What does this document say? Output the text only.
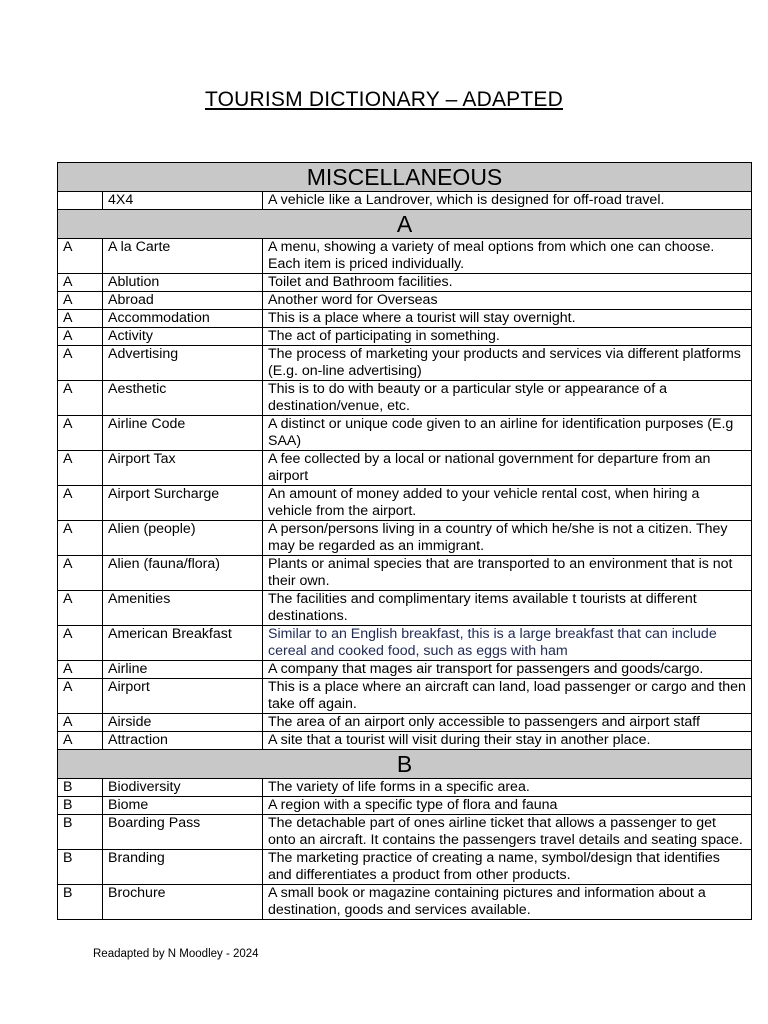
TOURISM DICTIONARY – ADAPTED
MISCELLANEOUS		
	4X4	A vehicle like a Landrover, which is designed for off-road travel.
A		
A	A la Carte	A menu, showing a variety of meal options from which one can choose. Each item is priced individually.
A	Ablution	Toilet and Bathroom facilities.
A	Abroad	Another word for Overseas
A	Accommodation	This is a place where a tourist will stay overnight.
A	Activity	The act of participating in something.
A	Advertising	The process of marketing your products and services via different platforms (E.g. on-line advertising)
A	Aesthetic	This is to do with beauty or a particular style or appearance of a destination/venue, etc.
A	Airline Code	A distinct or unique code given to an airline for identification purposes (E.g SAA)
A	Airport Tax	A fee collected by a local or national government for departure from an airport
A	Airport Surcharge	An amount of money added to your vehicle rental cost, when hiring a vehicle from the airport.
A	Alien (people)	A person/persons living in a country of which he/she is not a citizen. They may be regarded as an immigrant.
A	Alien (fauna/flora)	Plants or animal species that are transported to an environment that is not their own.
A	Amenities	The facilities and complimentary items available t tourists at different destinations.
A	American Breakfast	Similar to an English breakfast, this is a large breakfast that can include cereal and cooked food, such as eggs with ham
A	Airline	A company that mages air transport for passengers and goods/cargo.
A	Airport	This is a place where an aircraft can land, load passenger or cargo and then take off again.
A	Airside	The area of an airport only accessible to passengers and airport staff
A	Attraction	A site that a tourist will visit during their stay in another place.
B		
B	Biodiversity	The variety of life forms in a specific area.
B	Biome	A region with a specific type of flora and fauna
B	Boarding Pass	The detachable part of ones airline ticket that allows a passenger to get onto an aircraft. It contains the passengers travel details and seating space.
B	Branding	The marketing practice of creating a name, symbol/design that identifies and differentiates a product from other products.
B	Brochure	A small book or magazine containing pictures and information about a destination, goods and services available.
Readapted by N Moodley - 2024
